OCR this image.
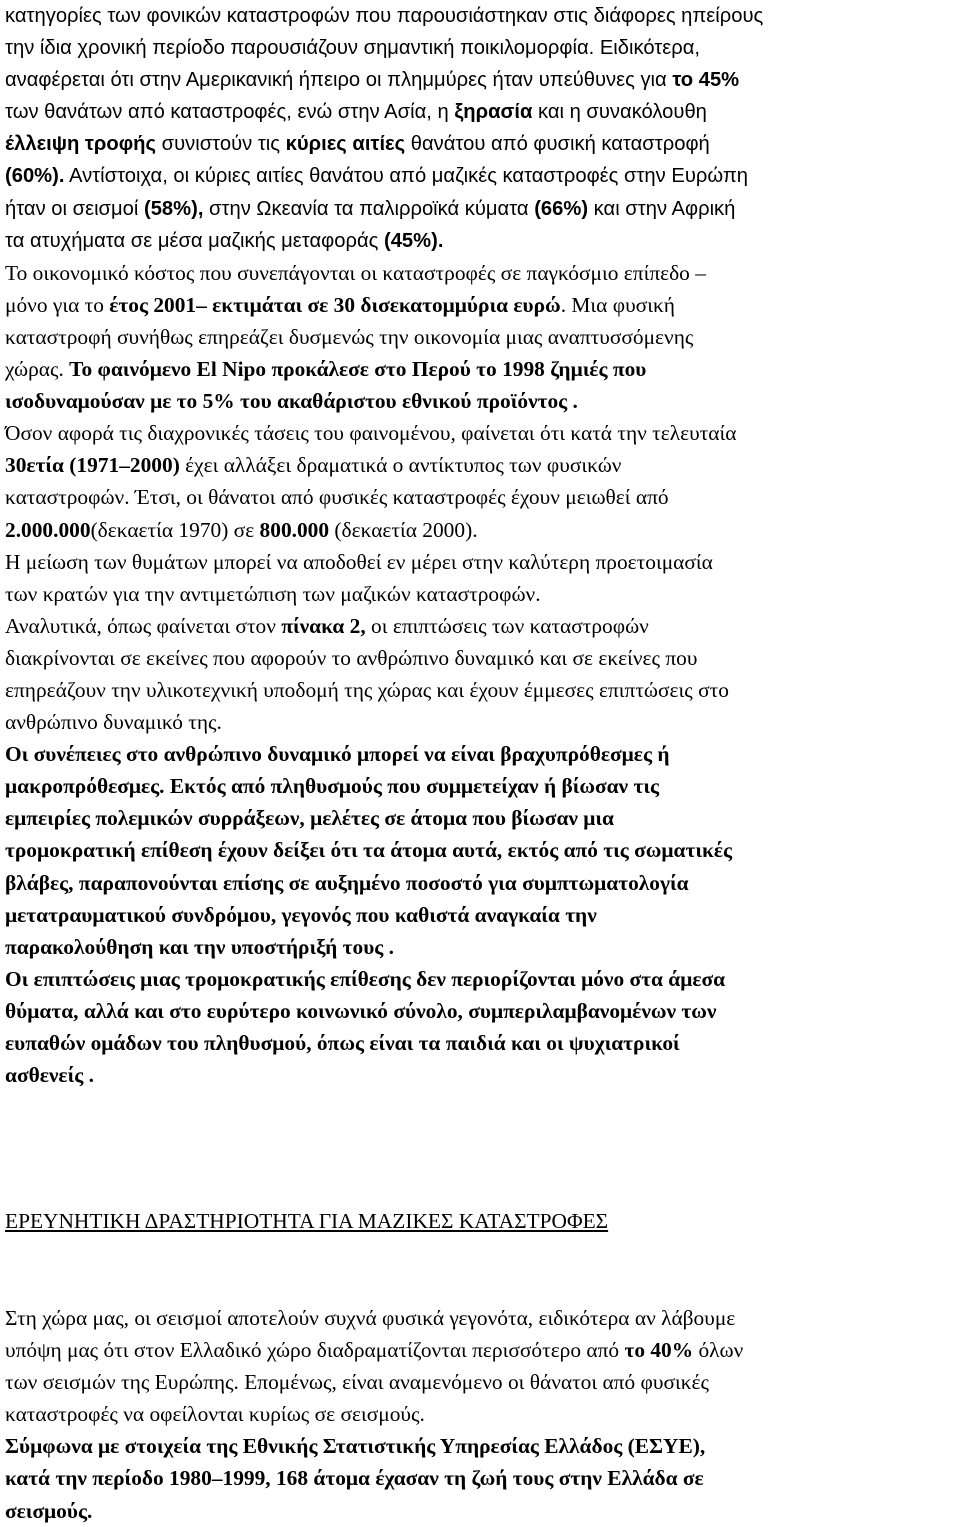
κατηγορίες των φονικών καταστροφών που παρουσιάστηκαν στις διάφορες ηπείρους
την ίδια χρονική περίοδο παρουσιάζουν σημαντική ποικιλομορφία. Ειδικότερα,
αναφέρεται ότι στην Αμερικανική ήπειρο οι πλημμύρες ήταν υπεύθυνες για το 45%
των θανάτων από καταστροφές, ενώ στην Ασία, η ξηρασία και η συνακόλουθη
έλλειψη τροφής συνιστούν τις κύριες αιτίες θανάτου από φυσική καταστροφή
(60%). Αντίστοιχα, οι κύριες αιτίες θανάτου από μαζικές καταστροφές στην Ευρώπη
ήταν οι σεισμοί (58%), στην Ωκεανία τα παλιρροϊκά κύματα (66%) και στην Αφρική
τα ατυχήματα σε μέσα μαζικής μεταφοράς (45%).
Το οικονομικό κόστος που συνεπάγονται οι καταστροφές σε παγκόσμιο επίπεδο –
μόνο για το έτος 2001– εκτιμάται σε 30 δισεκατομμύρια ευρώ. Μια φυσική
καταστροφή συνήθως επηρεάζει δυσμενώς την οικονομία μιας αναπτυσσόμενης
χώρας. Το φαινόμενο El Nipo προκάλεσε στο Περού το 1998 ζημιές που
ισοδυναμούσαν με το 5% του ακαθάριστου εθνικού προϊόντος .
Όσον αφορά τις διαχρονικές τάσεις του φαινομένου, φαίνεται ότι κατά την τελευταία
30ετία (1971–2000) έχει αλλάξει δραματικά ο αντίκτυπος των φυσικών
καταστροφών. Έτσι, οι θάνατοι από φυσικές καταστροφές έχουν μειωθεί από
2.000.000(δεκαετία 1970) σε 800.000 (δεκαετία 2000).
Η μείωση των θυμάτων μπορεί να αποδοθεί εν μέρει στην καλύτερη προετοιμασία
των κρατών για την αντιμετώπιση των μαζικών καταστροφών.
Αναλυτικά, όπως φαίνεται στον πίνακα 2, οι επιπτώσεις των καταστροφών
διακρίνονται σε εκείνες που αφορούν το ανθρώπινο δυναμικό και σε εκείνες που
επηρεάζουν την υλικοτεχνική υποδομή της χώρας και έχουν έμμεσες επιπτώσεις στο
ανθρώπινο δυναμικό της.
Οι συνέπειες στο ανθρώπινο δυναμικό μπορεί να είναι βραχυπρόθεσμες ή
μακροπρόθεσμες. Εκτός από πληθυσμούς που συμμετείχαν ή βίωσαν τις
εμπειρίες πολεμικών συρράξεων, μελέτες σε άτομα που βίωσαν μια
τρομοκρατική επίθεση έχουν δείξει ότι τα άτομα αυτά, εκτός από τις σωματικές
βλάβες, παραπονούνται επίσης σε αυξημένο ποσοστό για συμπτωματολογία
μετατραυματικού συνδρόμου, γεγονός που καθιστά αναγκαία την
παρακολούθηση και την υποστήριξή τους .
Οι επιπτώσεις μιας τρομοκρατικής επίθεσης δεν περιορίζονται μόνο στα άμεσα
θύματα, αλλά και στο ευρύτερο κοινωνικό σύνολο, συμπεριλαμβανομένων των
ευπαθών ομάδων του πληθυσμού, όπως είναι τα παιδιά και οι ψυχιατρικοί
ασθενείς .
ΕΡΕΥΝΗΤΙΚΗ ΔΡΑΣΤΗΡΙΟΤΗΤΑ ΓΙΑ ΜΑΖΙΚΕΣ ΚΑΤΑΣΤΡΟΦΕΣ
Στη χώρα μας, οι σεισμοί αποτελούν συχνά φυσικά γεγονότα, ειδικότερα αν λάβουμε
υπόψη μας ότι στον Ελλαδικό χώρο διαδραματίζονται περισσότερο από το 40% όλων
των σεισμών της Ευρώπης. Επομένως, είναι αναμενόμενο οι θάνατοι από φυσικές
καταστροφές να οφείλονται κυρίως σε σεισμούς.
Σύμφωνα με στοιχεία της Εθνικής Στατιστικής Υπηρεσίας Ελλάδος (ΕΣΥΕ),
κατά την περίοδο 1980–1999, 168 άτομα έχασαν τη ζωή τους στην Ελλάδα σε
σεισμούς.
